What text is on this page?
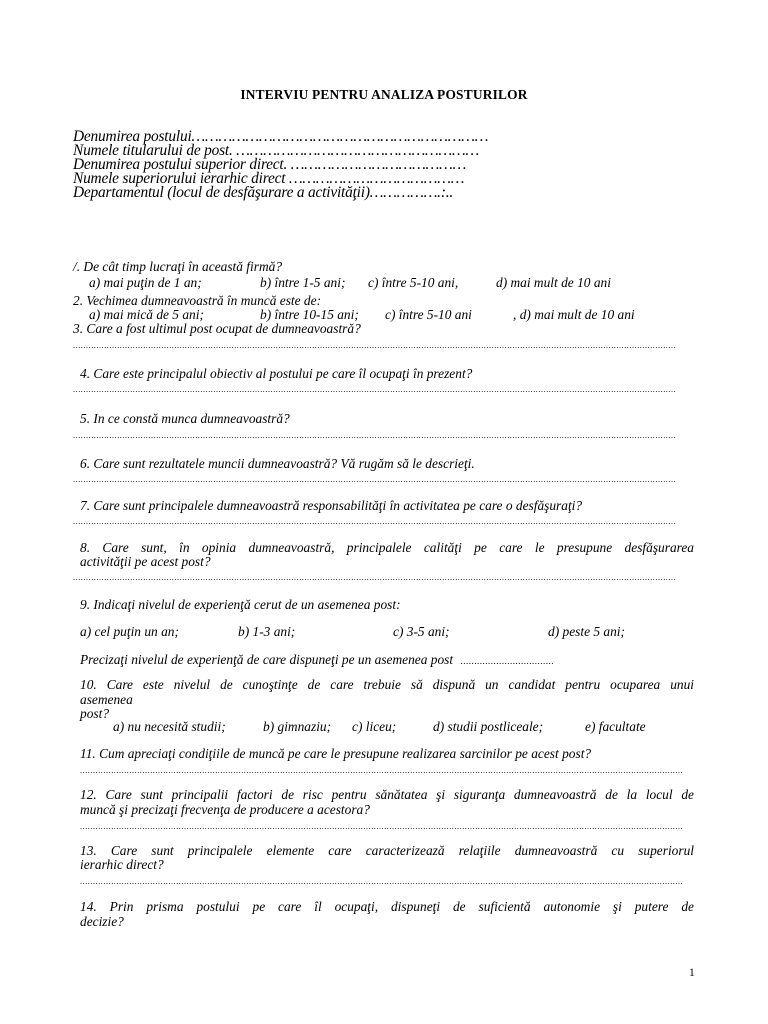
INTERVIU PENTRU ANALIZA POSTURILOR
Denumirea postului…………………………………………………………
Numele titularului de post. ………………………………………………
Denumirea postului superior direct. …………………………………
Numele superiorului ierarhic direct …………………………………
Departamentul (locul de desfăşurare a activităţii)…………….:..
/. De cât timp lucraţi în această firmă?
a) mai puţin de 1 an;	b) între 1-5 ani; c) între 5-10 ani,	d) mai mult de 10 ani
2. Vechimea dumneavoastră în muncă este de:
a) mai mică de 5 ani;	b) între 10-15 ani; c) între 5-10 ani	, d) mai mult de 10 ani
3. Care a fost ultimul post ocupat de dumneavoastră?
........................................................................................................................................................................................................................................
4. Care este principalul obiectiv al postului pe care îl ocupaţi în prezent?
........................................................................................................................................................................................................................................
5. In ce constă munca dumneavoastră?
........................................................................................................................................................................................................................................
6. Care sunt rezultatele muncii dumneavoastră? Vă rugăm să le descrieţi.
........................................................................................................................................................................................................................................
7. Care sunt principalele dumneavoastră responsabilităţi în activitatea pe care o desfăşuraţi?
........................................................................................................................................................................................................................................
8. Care sunt, în opinia dumneavoastră, principalele calităţi pe care le presupune desfăşurarea
activităţii pe acest post?
........................................................................................................................................................................................................................................
9. Indicaţi nivelul de experienţă cerut de un asemenea post:
a) cel puţin un an;	b) 1-3 ani;	c) 3-5 ani;	d) peste 5 ani;
Precizaţi nivelul de experienţă de care dispuneţi pe un asemenea post ..................................
10. Care este nivelul de cunoştinţe de care trebuie să dispună un candidat pentru ocuparea unui
asemenea
post?
a) nu necesită studii;	b) gimnaziu; c) liceu;	d) studii postliceale;	e) facultate
11. Cum apreciaţi condiţiile de muncă pe care le presupune realizarea sarcinilor pe acest post?
........................................................................................................................................................................................................................................
12. Care sunt principalii factori de risc pentru sănătatea şi siguranţa dumneavoastră de la locul de
muncă şi precizaţi frecvenţa de producere a acestora?
........................................................................................................................................................................................................................................
13. Care sunt principalele elemente care caracterizează relaţiile dumneavoastră cu superiorul
ierarhic direct?
........................................................................................................................................................................................................................................
14. Prin prisma postului pe care îl ocupaţi, dispuneţi de suficientă autonomie şi putere de
decizie?
1
